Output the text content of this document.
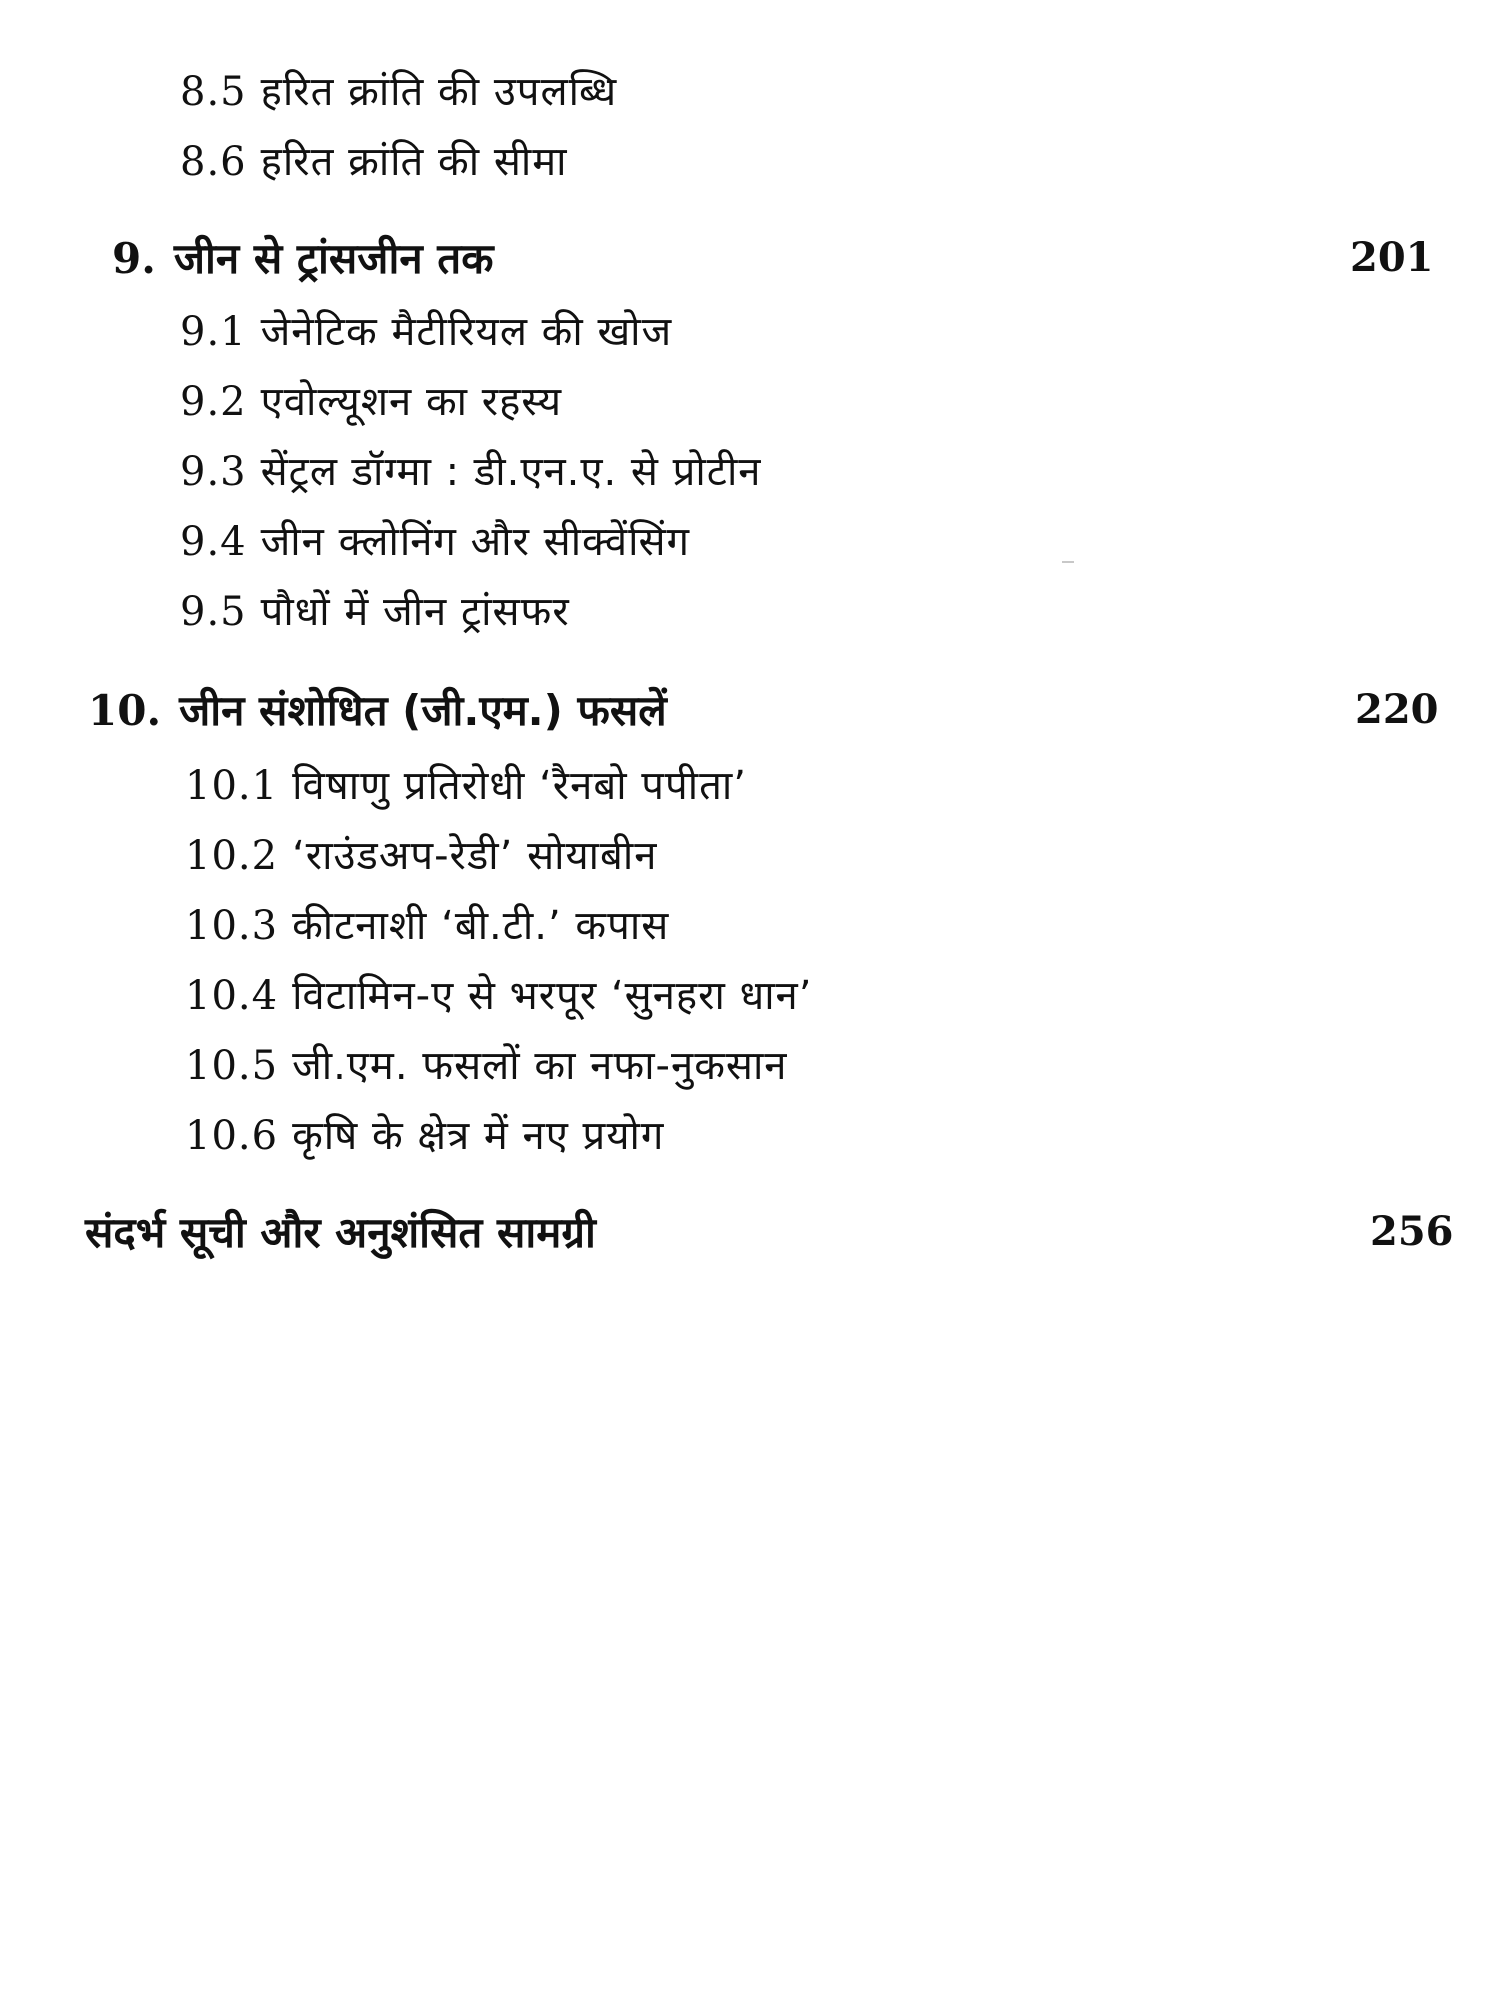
8.5 हरित क्रांति की उपलब्धि
8.6 हरित क्रांति की सीमा
9. जीन से ट्रांसजीन तक	201
9.1 जेनेटिक मैटीरियल की खोज
9.2 एवोल्यूशन का रहस्य
9.3 सेंट्रल डॉग्मा : डी.एन.ए. से प्रोटीन
9.4 जीन क्लोनिंग और सीक्वेंसिंग
9.5 पौधों में जीन ट्रांसफर
10. जीन संशोधित (जी.एम.) फसलें	220
10.1 विषाणु प्रतिरोधी ‘रैनबो पपीता’
10.2 ‘राउंडअप-रेडी’ सोयाबीन
10.3 कीटनाशी ‘बी.टी.’ कपास
10.4 विटामिन-ए से भरपूर ‘सुनहरा धान’
10.5 जी.एम. फसलों का नफा-नुकसान
10.6 कृषि के क्षेत्र में नए प्रयोग
संदर्भ सूची और अनुशंसित सामग्री	256
